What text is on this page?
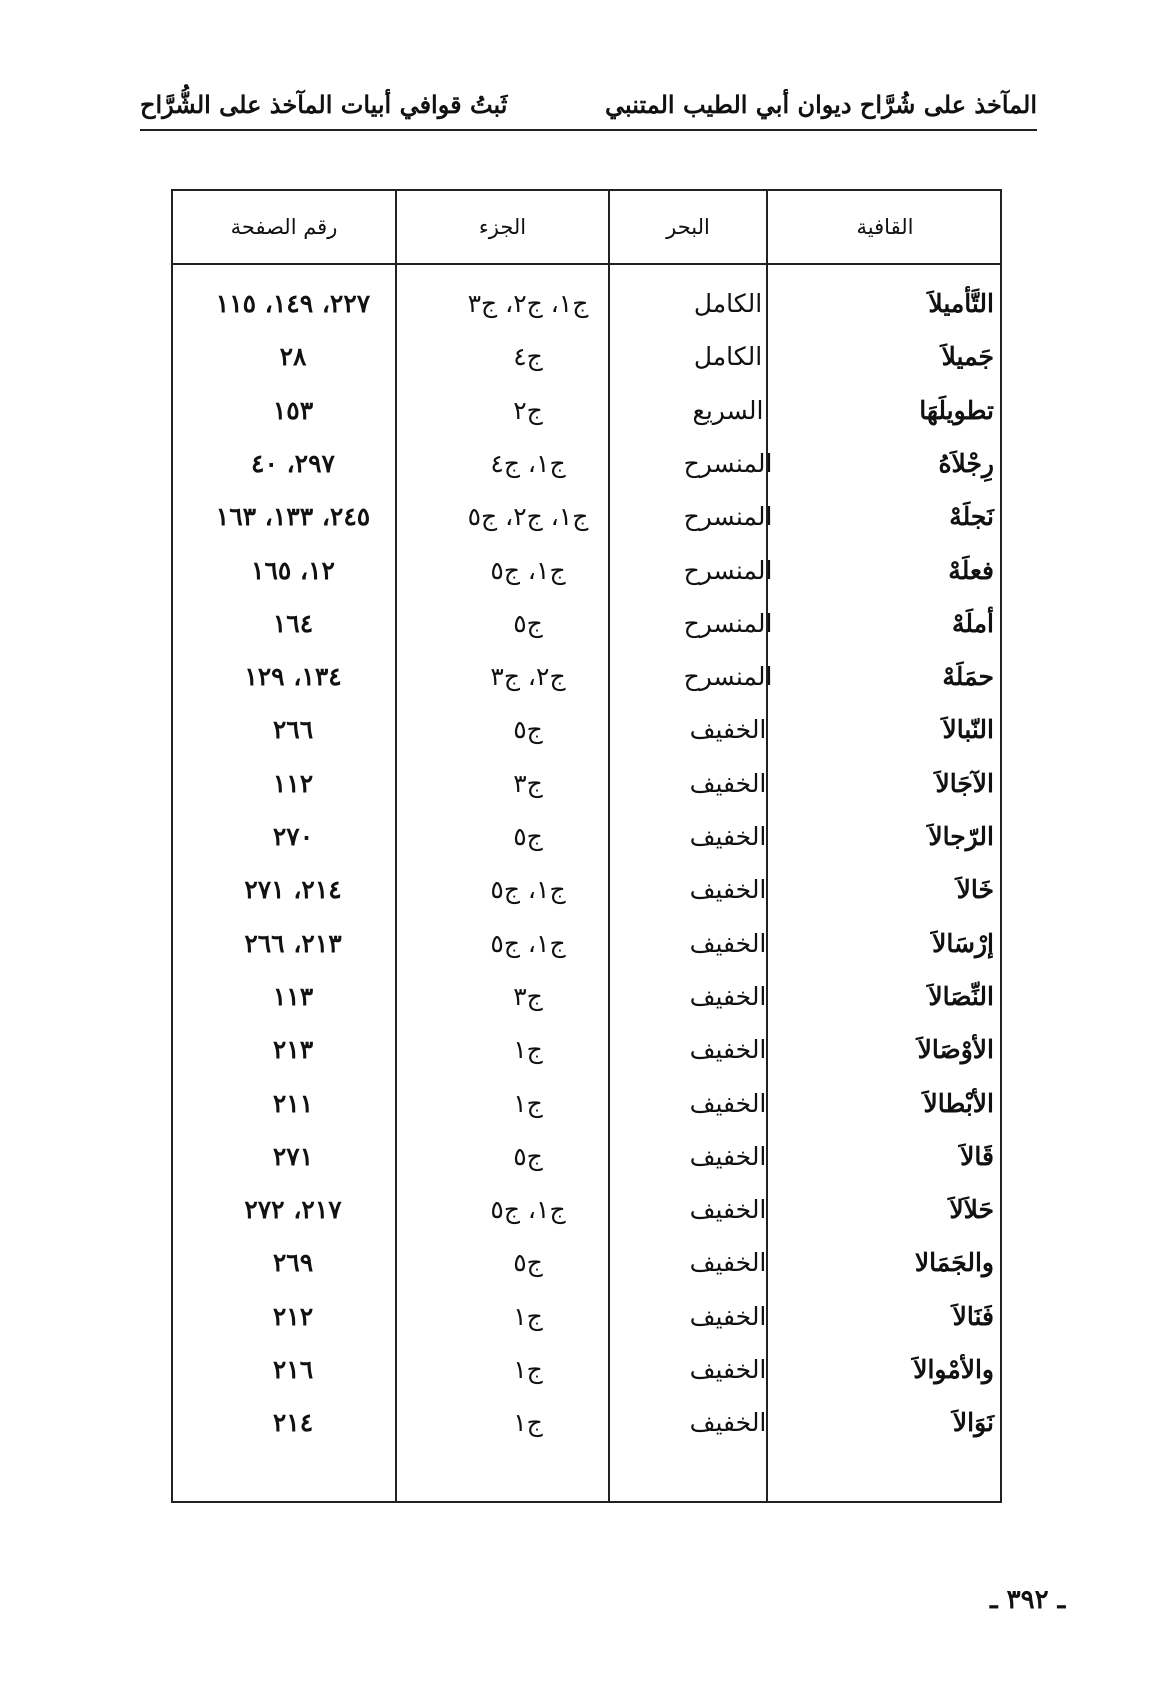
المآخذ على شُرَّاح ديوان أبي الطيب المتنبي
ثَبتُ قوافي أبيات المآخذ على الشُّرَّاح
القافية
البحر
الجزء
رقم الصفحة
التَّأميلاَ
الكامل
ج١، ج٢، ج٣
٢٢٧، ١٤٩، ١١٥
جَميلاَ
الكامل
ج٤
٢٨
تطويلَهَا
السريع
ج٢
١٥٣
رِجْلاَهُ
المنسرح
ج١، ج٤
٢٩٧، ٤٠
نَجلَهْ
المنسرح
ج١، ج٢، ج٥
٢٤٥، ١٣٣، ١٦٣
فعلَهْ
المنسرح
ج١، ج٥
١٢، ١٦٥
أملَهْ
المنسرح
ج٥
١٦٤
حمَلَهْ
المنسرح
ج٢، ج٣
١٣٤، ١٢٩
النّبالاَ
الخفيف
ج٥
٢٦٦
الآجَالاَ
الخفيف
ج٣
١١٢
الرّجالاَ
الخفيف
ج٥
٢٧٠
خَالاَ
الخفيف
ج١، ج٥
٢١٤، ٢٧١
إرْسَالاَ
الخفيف
ج١، ج٥
٢١٣، ٢٦٦
النِّصَالاَ
الخفيف
ج٣
١١٣
الأوْصَالاَ
الخفيف
ج١
٢١٣
الأبْطالاَ
الخفيف
ج١
٢١١
قَالاَ
الخفيف
ج٥
٢٧١
حَلاَلاَ
الخفيف
ج١، ج٥
٢١٧، ٢٧٢
والجَمَالا
الخفيف
ج٥
٢٦٩
فَنَالاَ
الخفيف
ج١
٢١٢
والأمْوالاَ
الخفيف
ج١
٢١٦
نَوَالاَ
الخفيف
ج١
٢١٤
ـ ٣٩٢ ـ
